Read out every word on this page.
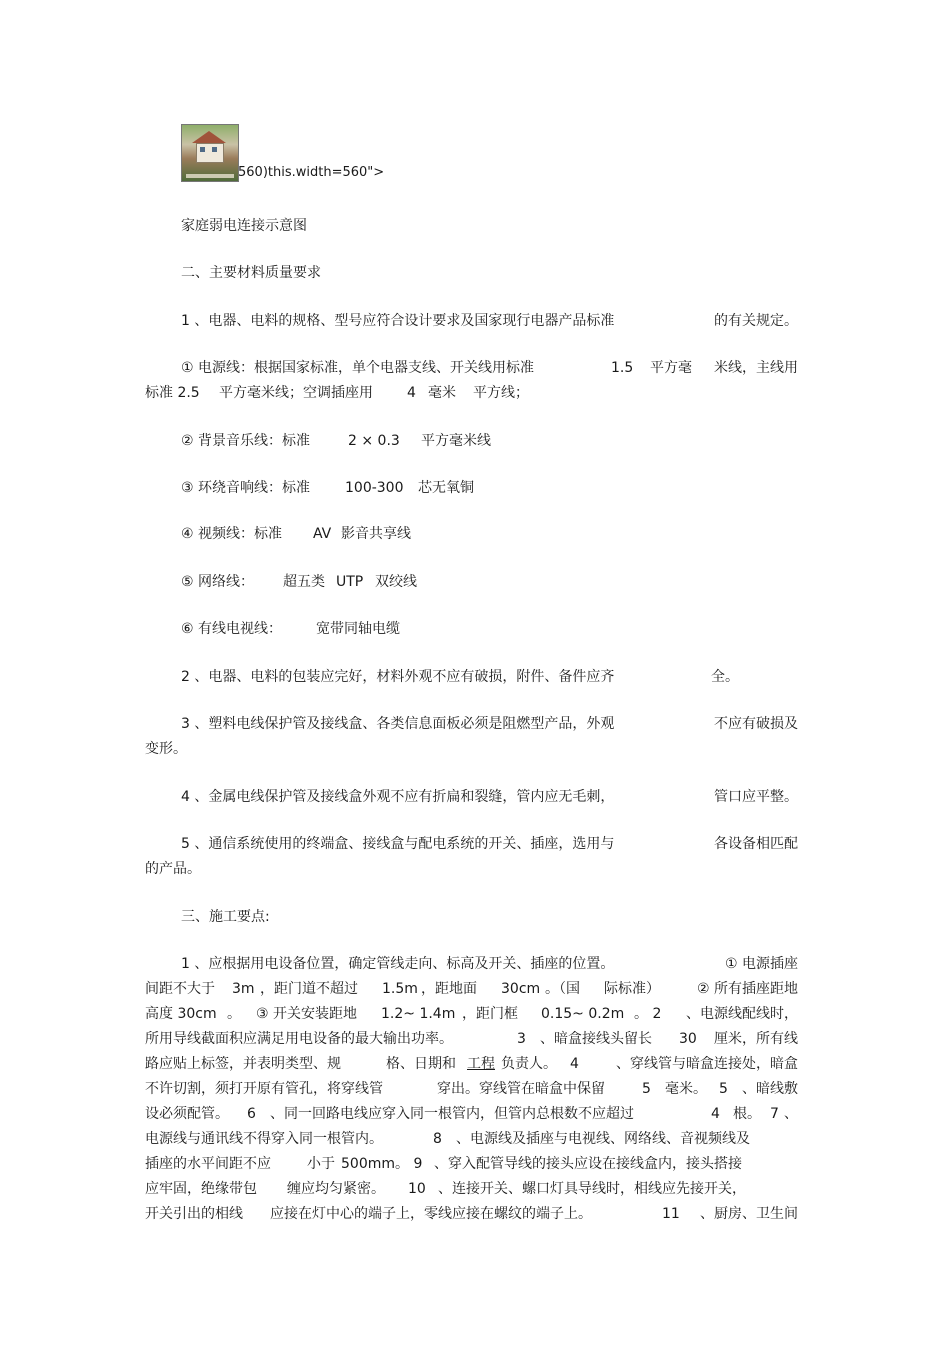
560)this.width=560">
家庭弱电连接示意图
二、主要材料质量要求
1 、电器、电料的规格、型号应符合设计要求及国家现行电器产品标准	的有关规定。
① 电源线：根据国家标准，单个电器支线、开关线用标准	1.5 平方毫 米线，主线用
标准 2.5 平方毫米线；空调插座用 4 毫米 平方线；
② 背景音乐线：标准	2 × 0.3 平方毫米线
③ 环绕音响线：标准 100-300 芯无氧铜
④ 视频线：标准 AV 影音共享线
⑤ 网络线： 超五类 UTP 双绞线
⑥ 有线电视线： 宽带同轴电缆
2 、电器、电料的包装应完好，材料外观不应有破损，附件、备件应齐	全。
3 、塑料电线保护管及接线盒、各类信息面板必须是阻燃型产品，外观	不应有破损及
变形。
4 、金属电线保护管及接线盒外观不应有折扁和裂缝，管内应无毛刺，	管口应平整。
5 、通信系统使用的终端盒、接线盒与配电系统的开关、插座，选用与	各设备相匹配
的产品。
三、施工要点:
1 、应根据用电设备位置，确定管线走向、标高及开关、插座的位置。	① 电源插座
间距不大于 3m ，距门道不超过 1.5m ，距地面 30cm 。（国 际标准）	② 所有插座距地
高度 30cm 。 ③ 开关安装距地 1.2~ 1.4m ，距门框 0.15~ 0.2m 。 2 、电源线配线时，
所用导线截面积应满足用电设备的最大输出功率。	3 、暗盒接线头留长 30 厘米，所有线
路应贴上标签，并表明类型、规	格、日期和 工程 负责人。 4	、穿线管与暗盒连接处，暗盒
不许切割，须打开原有管孔，将穿线管	穿出。穿线管在暗盒中保留	5 毫米。 5 、暗线敷
设必须配管。 6 、同一回路电线应穿入同一根管内，但管内总根数不应超过	4 根。 7 、
电源线与通讯线不得穿入同一根管内。	8 、电源线及插座与电视线、网络线、音视频线及
插座的水平间距不应	小于 500mm 。 9 、穿入配管导线的接头应设在接线盒内，接头搭接
应牢固，绝缘带包 缠应均匀紧密。 10 、连接开关、螺口灯具导线时，相线应先接开关，
开关引出的相线 应接在灯中心的端子上，零线应接在螺纹的端子上。	11 、厨房、卫生间
